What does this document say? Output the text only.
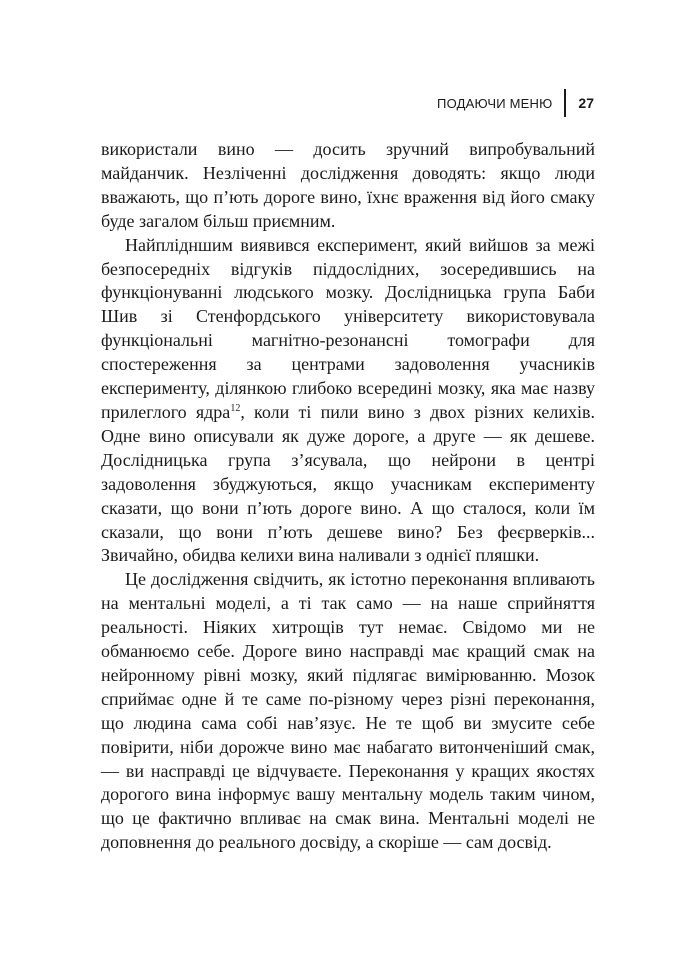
ПОДАЮЧИ МЕНЮ	27

використали вино — досить зручний випробувальний майданчик. Незліченні дослідження доводять: якщо люди вважають, що п’ють дороге вино, їхнє враження від його смаку буде загалом більш приємним.

Найплідншим виявився експеримент, який вийшов за межі безпосередніх відгуків піддослідних, зосередившись на функціонуванні людського мозку. Дослідницька група Баби Шив зі Стенфордського університету використовувала функціональні магнітно-резонансні томографи для спостереження за центрами задоволення учасників експерименту, ділянкою глибоко всередині мозку, яка має назву прилеглого ядра$^{12}$, коли ті пили вино з двох різних келихів. Одне вино описували як дуже дороге, а друге — як дешеве. Дослідницька група з’ясувала, що нейрони в центрі задоволення збуджуються, якщо учасникам експерименту сказати, що вони п’ють дороге вино. А що сталося, коли їм сказали, що вони п’ють дешеве вино? Без феєрверків... Звичайно, обидва келихи вина наливали з однієї пляшки.

Це дослідження свідчить, як істотно переконання впливають на ментальні моделі, а ті так само — на наше сприйняття реальності. Ніяких хитрощів тут немає. Свідомо ми не обманюємо себе. Дороге вино насправді має кращий смак на нейронному рівні мозку, який підлягає вимірюванню. Мозок сприймає одне й те саме по-різному через різні переконання, що людина сама собі нав’язує. Не те щоб ви змусите себе повірити, ніби дорожче вино має набагато витонченіший смак, — ви насправді це відчуваєте. Переконання у кращих якостях дорогого вина інформує вашу ментальну модель таким чином, що це фактично впливає на смак вина. Ментальні моделі не доповнення до реального досвіду, а скоріше — сам досвід.
